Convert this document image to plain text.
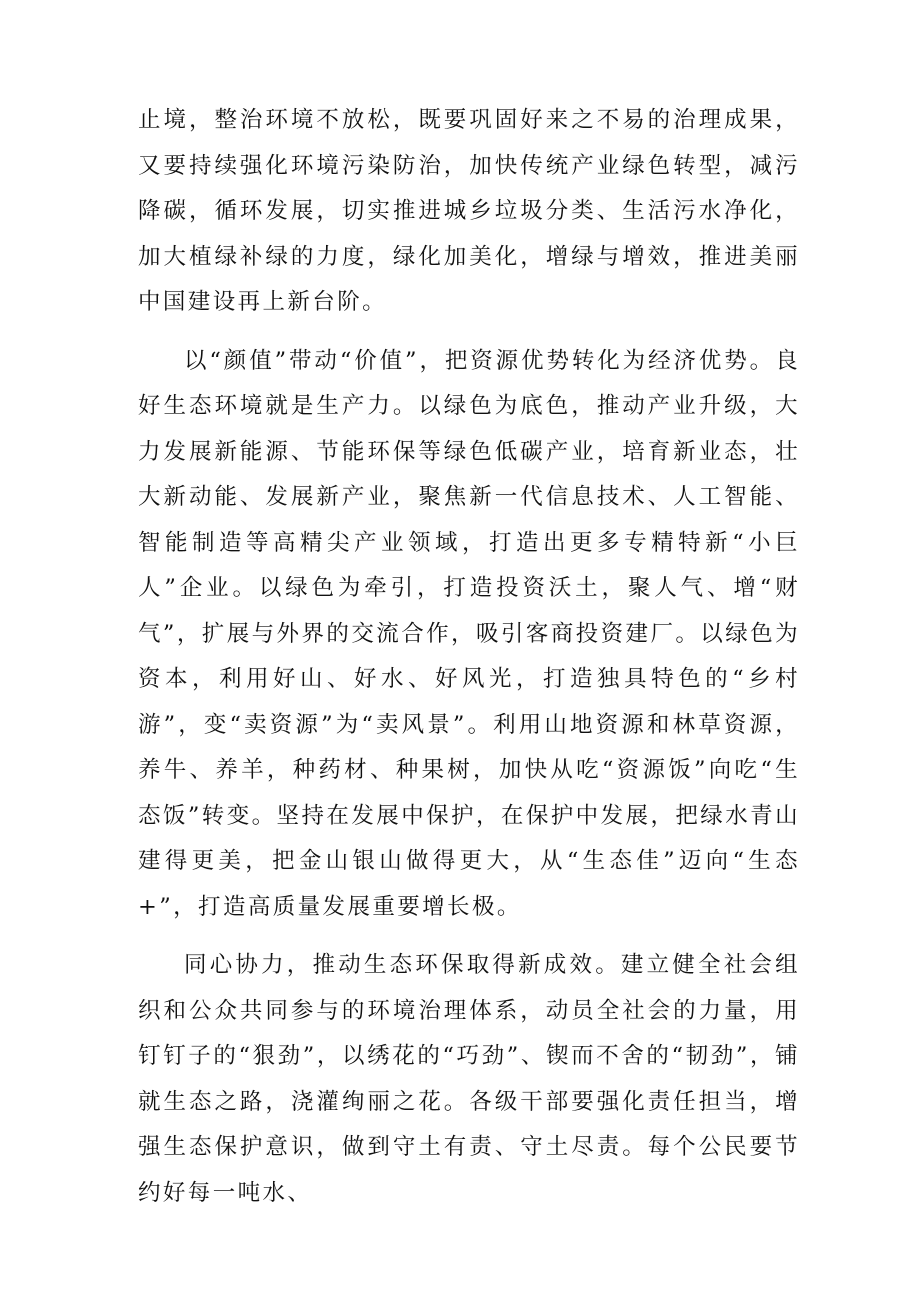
止境，整治环境不放松，既要巩固好来之不易的治理成果，又要持续强化环境污染防治，加快传统产业绿色转型，减污降碳，循环发展，切实推进城乡垃圾分类、生活污水净化，加大植绿补绿的力度，绿化加美化，增绿与增效，推进美丽中国建设再上新台阶。

以“颜值”带动“价值”，把资源优势转化为经济优势。良好生态环境就是生产力。以绿色为底色，推动产业升级，大力发展新能源、节能环保等绿色低碳产业，培育新业态，壮大新动能、发展新产业，聚焦新一代信息技术、人工智能、智能制造等高精尖产业领域，打造出更多专精特新“小巨人”企业。以绿色为牵引，打造投资沃土，聚人气、增“财气”，扩展与外界的交流合作，吸引客商投资建厂。以绿色为资本，利用好山、好水、好风光，打造独具特色的“乡村游”，变“卖资源”为“卖风景”。利用山地资源和林草资源，养牛、养羊，种药材、种果树，加快从吃“资源饭”向吃“生态饭”转变。坚持在发展中保护，在保护中发展，把绿水青山建得更美，把金山银山做得更大，从“生态佳”迈向“生态+”，打造高质量发展重要增长极。

同心协力，推动生态环保取得新成效。建立健全社会组织和公众共同参与的环境治理体系，动员全社会的力量，用钉钉子的“狠劲”，以绣花的“巧劲”、锲而不舍的“韧劲”，铺就生态之路，浇灌绚丽之花。各级干部要强化责任担当，增强生态保护意识，做到守土有责、守土尽责。每个公民要节约好每一吨水、
